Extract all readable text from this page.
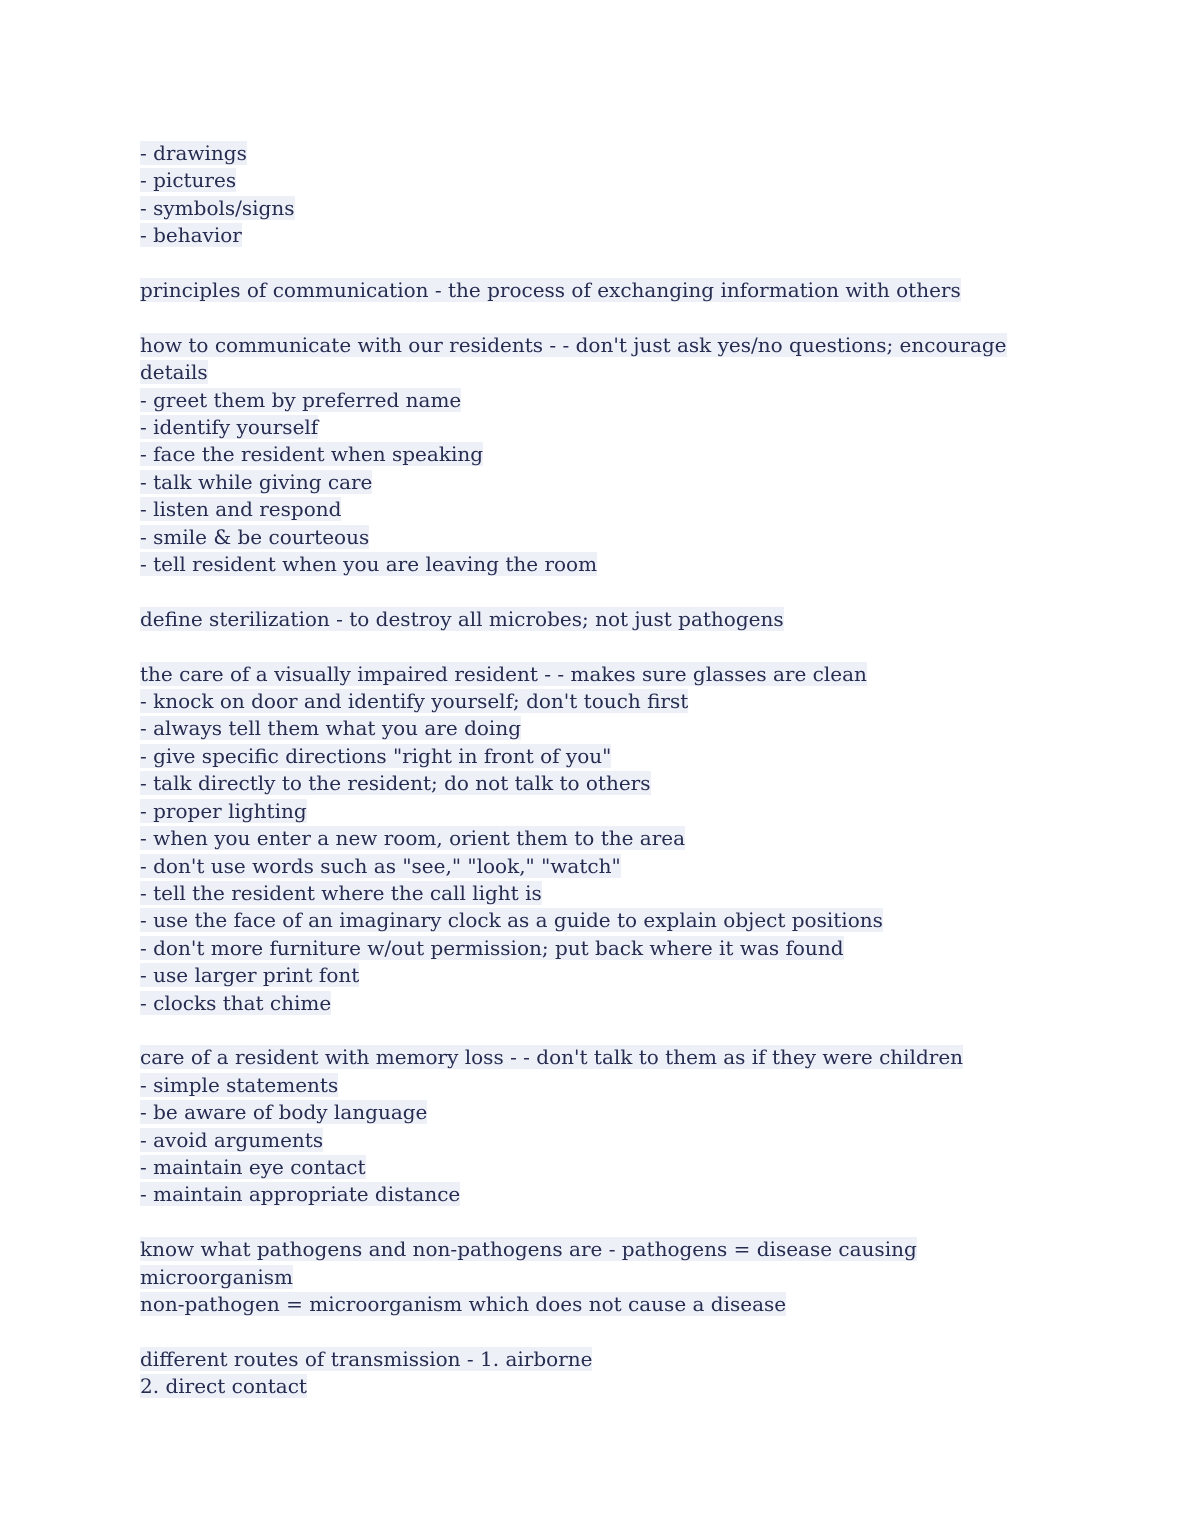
- drawings
- pictures
- symbols/signs
- behavior
principles of communication - the process of exchanging information with others
how to communicate with our residents - - don't just ask yes/no questions; encourage
details
- greet them by preferred name
- identify yourself
- face the resident when speaking
- talk while giving care
- listen and respond
- smile & be courteous
- tell resident when you are leaving the room
define sterilization - to destroy all microbes; not just pathogens
the care of a visually impaired resident - - makes sure glasses are clean
- knock on door and identify yourself; don't touch first
- always tell them what you are doing
- give specific directions "right in front of you"
- talk directly to the resident; do not talk to others
- proper lighting
- when you enter a new room, orient them to the area
- don't use words such as "see," "look," "watch"
- tell the resident where the call light is
- use the face of an imaginary clock as a guide to explain object positions
- don't more furniture w/out permission; put back where it was found
- use larger print font
- clocks that chime
care of a resident with memory loss - - don't talk to them as if they were children
- simple statements
- be aware of body language
- avoid arguments
- maintain eye contact
- maintain appropriate distance
know what pathogens and non-pathogens are - pathogens = disease causing
microorganism
non-pathogen = microorganism which does not cause a disease
different routes of transmission - 1. airborne
2. direct contact
